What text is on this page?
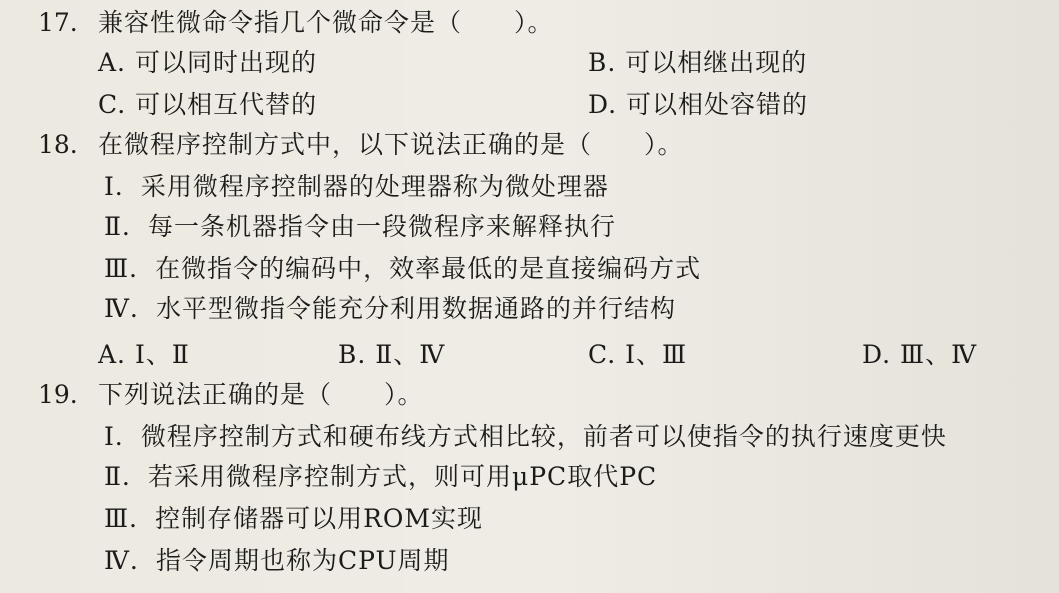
17. 兼容性微命令指几个微命令是（　　）。
A. 可以同时出现的	B. 可以相继出现的
C. 可以相互代替的	D. 可以相处容错的
18. 在微程序控制方式中，以下说法正确的是（　　）。
Ⅰ．采用微程序控制器的处理器称为微处理器
Ⅱ．每一条机器指令由一段微程序来解释执行
Ⅲ．在微指令的编码中，效率最低的是直接编码方式
Ⅳ．水平型微指令能充分利用数据通路的并行结构
A. Ⅰ、Ⅱ	B. Ⅱ、Ⅳ	C. Ⅰ、Ⅲ	D. Ⅲ、Ⅳ
19. 下列说法正确的是（　　）。
Ⅰ．微程序控制方式和硬布线方式相比较，前者可以使指令的执行速度更快
Ⅱ．若采用微程序控制方式，则可用μPC取代PC
Ⅲ．控制存储器可以用ROM实现
Ⅳ．指令周期也称为CPU周期
